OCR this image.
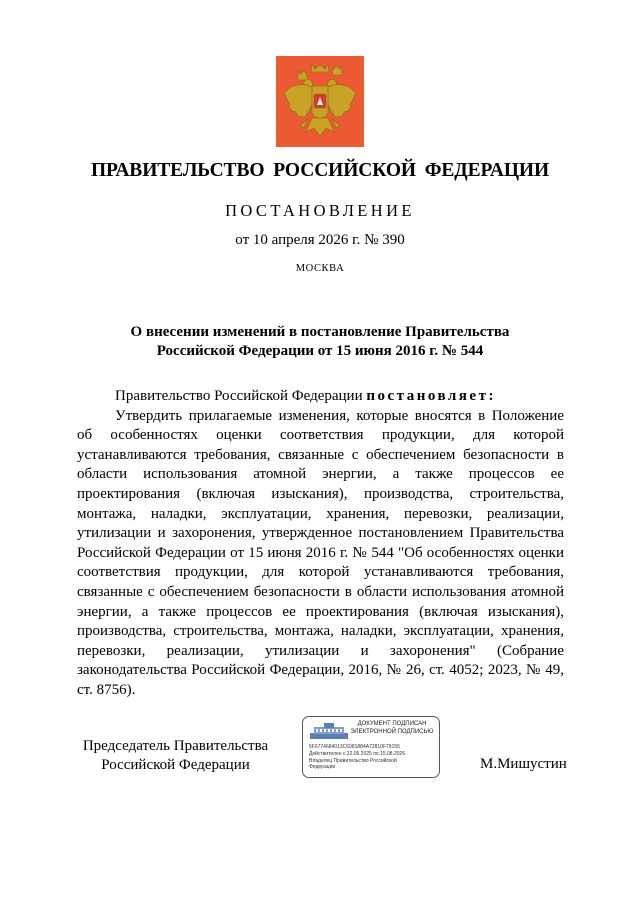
ПРАВИТЕЛЬСТВО РОССИЙСКОЙ ФЕДЕРАЦИИ
ПОСТАНОВЛЕНИЕ
от 10 апреля 2026 г. № 390
МОСКВА
О внесении изменений в постановление Правительства
Российской Федерации от 15 июня 2016 г. № 544

Правительство Российской Федерации постановляет:

Утвердить прилагаемые изменения, которые вносятся в Положение об особенностях оценки соответствия продукции, для которой устанавливаются требования, связанные с обеспечением безопасности в области использования атомной энергии, а также процессов ее проектирования (включая изыскания), производства, строительства, монтажа, наладки, эксплуатации, хранения, перевозки, реализации, утилизации и захоронения, утвержденное постановлением Правительства Российской Федерации от 15 июня 2016 г. № 544 "Об особенностях оценки соответствия продукции, для которой устанавливаются требования, связанные с обеспечением безопасности в области использования атомной энергии, а также процессов ее проектирования (включая изыскания), производства, строительства, монтажа, наладки, эксплуатации, хранения, перевозки, реализации, утилизации и захоронения" (Собрание законодательства Российской Федерации, 2016, № 26, ст. 4052; 2023, № 49, ст. 8756).

Председатель Правительства
Российской Федерации
ДОКУМЕНТ ПОДПИСАН
ЭЛЕКТРОННОЙ ПОДПИСЬЮ
6F6774684013C6081884A72810F79155
Действителен с 22.05.2025 по 15.08.2026
Владелец Правительство Российской
Федерации	М.Мишустин
